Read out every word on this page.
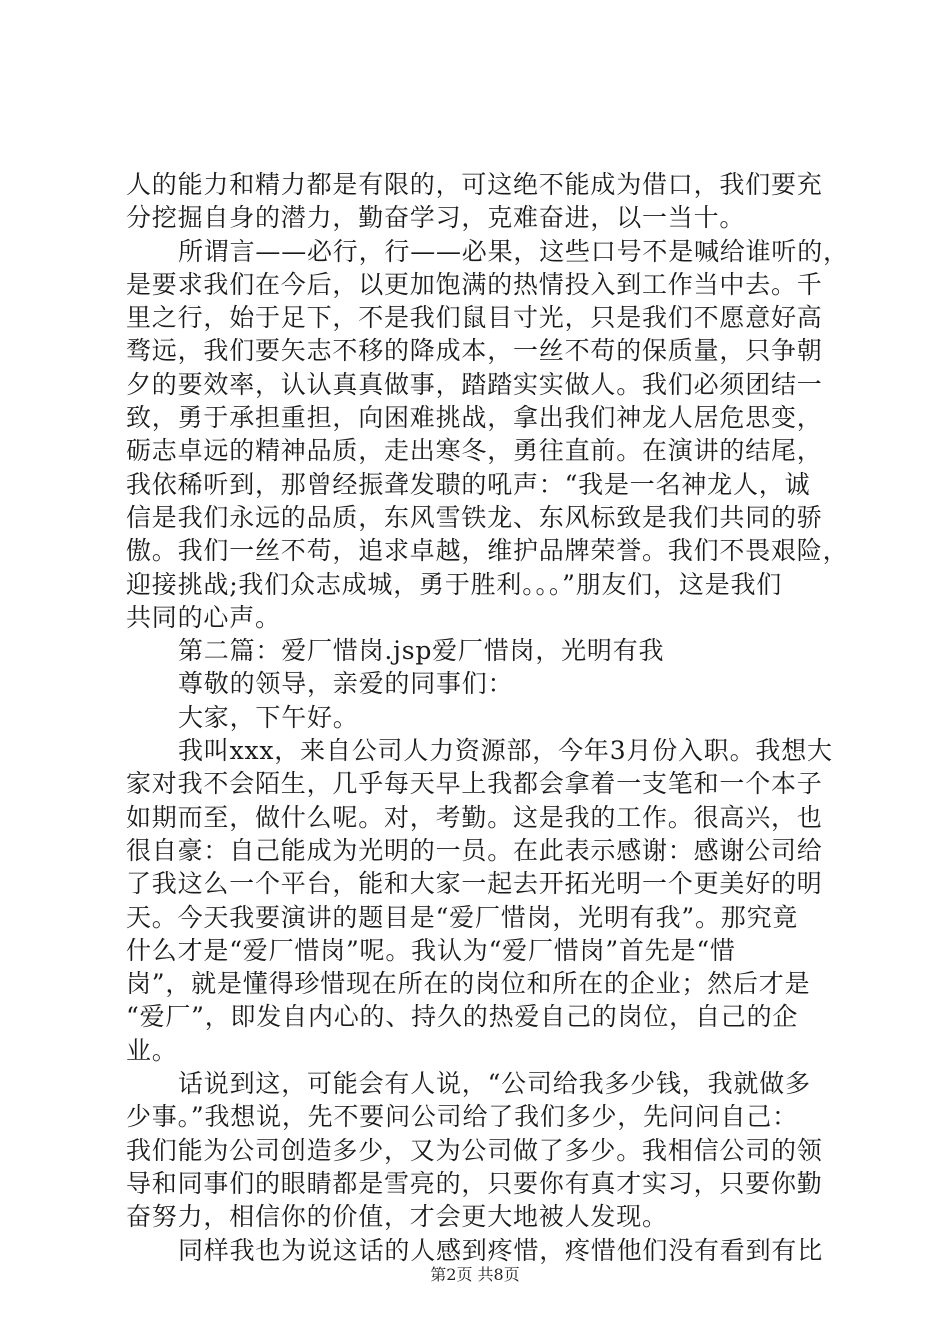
人的能力和精力都是有限的，可这绝不能成为借口，我们要充
分挖掘自身的潜力，勤奋学习，克难奋进，以一当十。
所谓言——必行，行——必果，这些口号不是喊给谁听的，
是要求我们在今后，以更加饱满的热情投入到工作当中去。千
里之行，始于足下，不是我们鼠目寸光，只是我们不愿意好高
骛远，我们要矢志不移的降成本，一丝不苟的保质量，只争朝
夕的要效率，认认真真做事，踏踏实实做人。我们必须团结一
致，勇于承担重担，向困难挑战，拿出我们神龙人居危思变，
砺志卓远的精神品质，走出寒冬，勇往直前。在演讲的结尾，
我依稀听到，那曾经振聋发聩的吼声：“我是一名神龙人，诚
信是我们永远的品质，东风雪铁龙、东风标致是我们共同的骄
傲。我们一丝不苟，追求卓越，维护品牌荣誉。我们不畏艰险，
迎接挑战;我们众志成城，勇于胜利。。。”朋友们，这是我们
共同的心声。
第二篇：爱厂惜岗.jsp爱厂惜岗，光明有我
尊敬的领导，亲爱的同事们：
大家，下午好。
我叫xxx，来自公司人力资源部，今年3月份入职。我想大
家对我不会陌生，几乎每天早上我都会拿着一支笔和一个本子
如期而至，做什么呢。对，考勤。这是我的工作。很高兴，也
很自豪：自己能成为光明的一员。在此表示感谢：感谢公司给
了我这么一个平台，能和大家一起去开拓光明一个更美好的明
天。今天我要演讲的题目是“爱厂惜岗，光明有我”。那究竟
什么才是“爱厂惜岗”呢。我认为“爱厂惜岗”首先是“惜
岗”，就是懂得珍惜现在所在的岗位和所在的企业；然后才是
“爱厂”，即发自内心的、持久的热爱自己的岗位，自己的企
业。
话说到这，可能会有人说，“公司给我多少钱，我就做多
少事。”我想说，先不要问公司给了我们多少，先问问自己：
我们能为公司创造多少，又为公司做了多少。我相信公司的领
导和同事们的眼睛都是雪亮的，只要你有真才实习，只要你勤
奋努力，相信你的价值，才会更大地被人发现。
同样我也为说这话的人感到疼惜，疼惜他们没有看到有比
第2页 共8页
